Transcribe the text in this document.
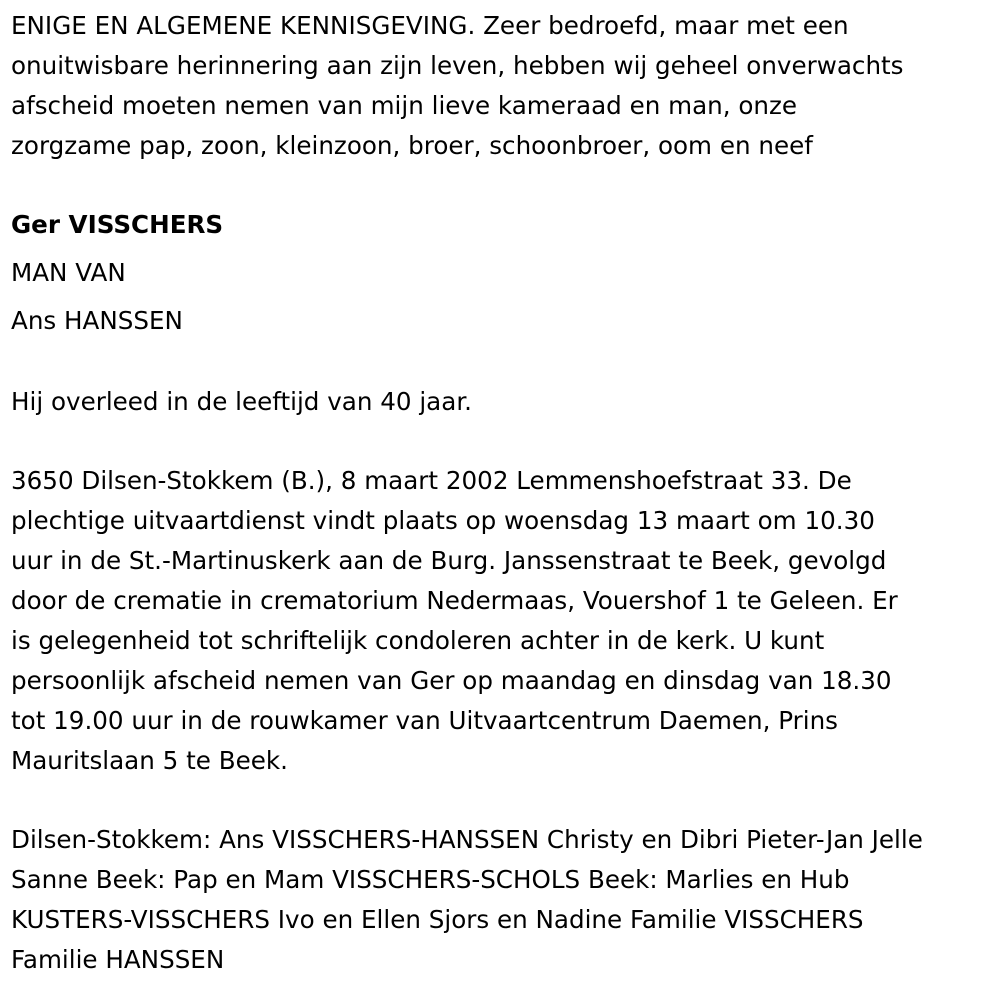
ENIGE EN ALGEMENE KENNISGEVING. Zeer bedroefd, maar met een
onuitwisbare herinnering aan zijn leven, hebben wij geheel onverwachts
afscheid moeten nemen van mijn lieve kameraad en man, onze
zorgzame pap, zoon, kleinzoon, broer, schoonbroer, oom en neef
Ger VISSCHERS
MAN VAN
Ans HANSSEN
Hij overleed in de leeftijd van 40 jaar.
3650 Dilsen-Stokkem (B.), 8 maart 2002 Lemmenshoefstraat 33. De
plechtige uitvaartdienst vindt plaats op woensdag 13 maart om 10.30
uur in de St.-Martinuskerk aan de Burg. Janssenstraat te Beek, gevolgd
door de crematie in crematorium Nedermaas, Vouershof 1 te Geleen. Er
is gelegenheid tot schriftelijk condoleren achter in de kerk. U kunt
persoonlijk afscheid nemen van Ger op maandag en dinsdag van 18.30
tot 19.00 uur in de rouwkamer van Uitvaartcentrum Daemen, Prins
Mauritslaan 5 te Beek.
Dilsen-Stokkem: Ans VISSCHERS-HANSSEN Christy en Dibri Pieter-Jan Jelle
Sanne Beek: Pap en Mam VISSCHERS-SCHOLS Beek: Marlies en Hub
KUSTERS-VISSCHERS Ivo en Ellen Sjors en Nadine Familie VISSCHERS
Familie HANSSEN
